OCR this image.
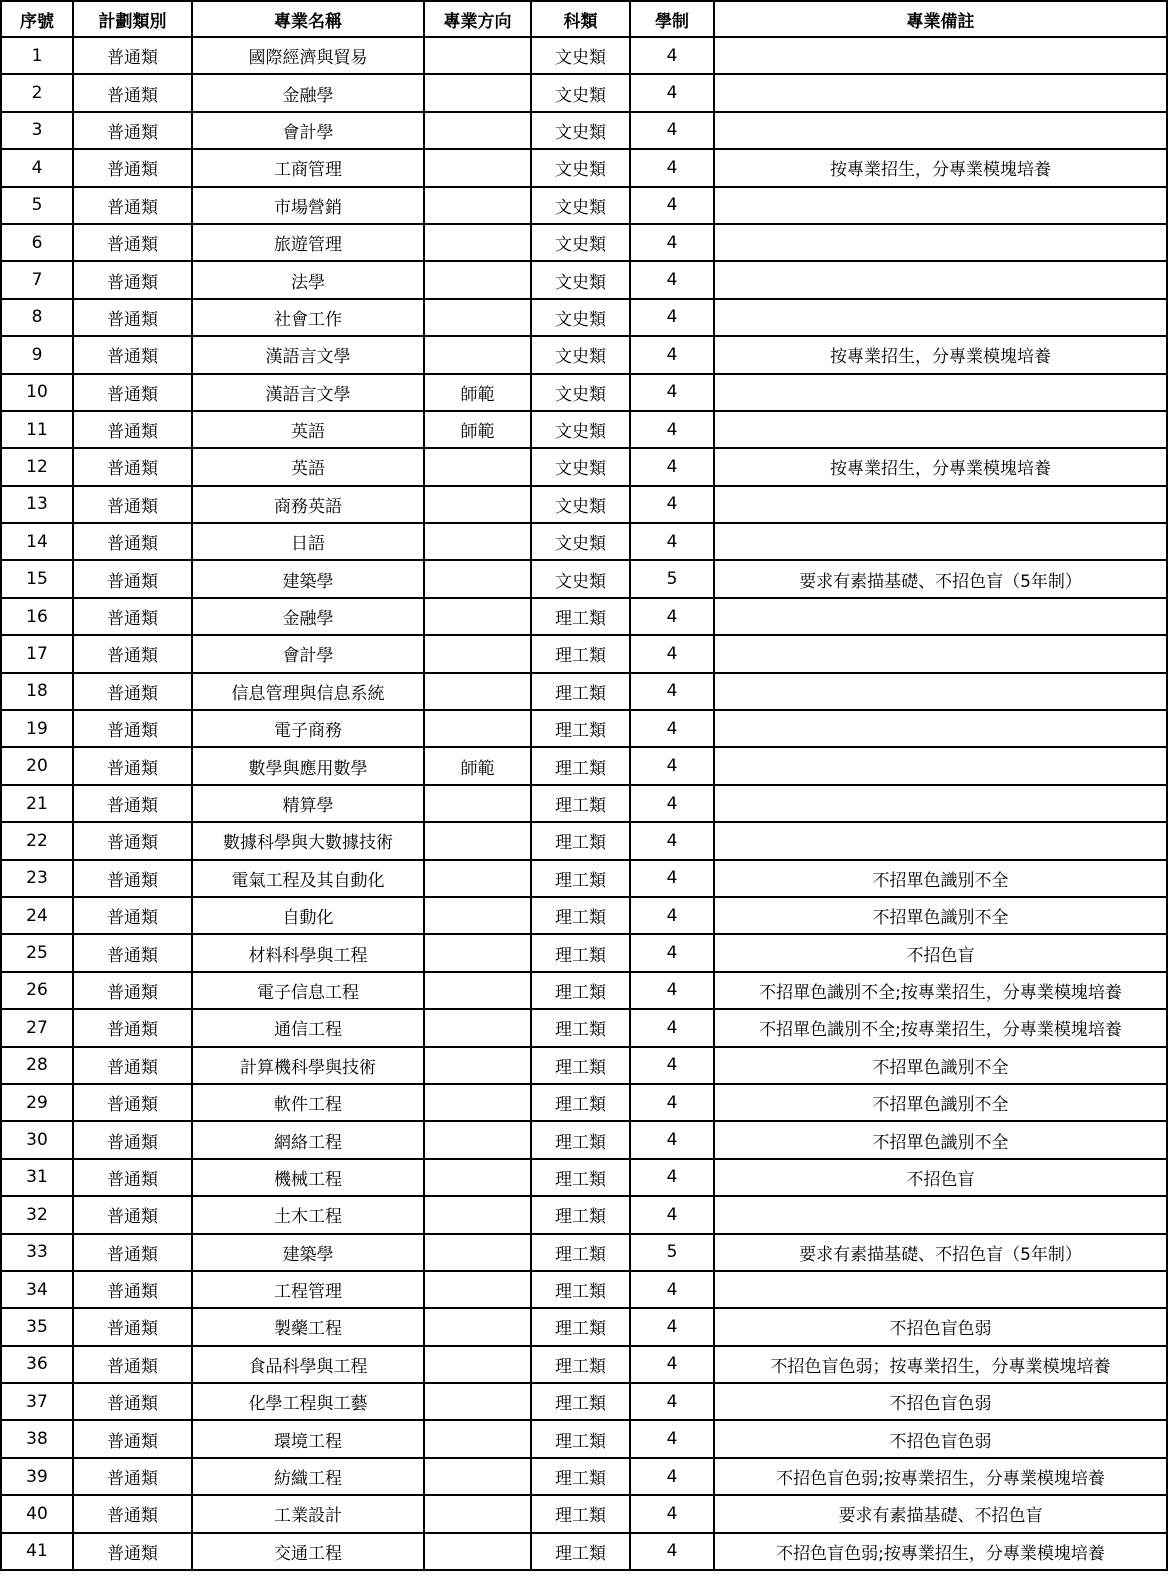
序號	計劃類別	專業名稱	專業方向	科類	學制	專業備註
1	普通類	國際經濟與貿易		文史類	4	
2	普通類	金融學		文史類	4	
3	普通類	會計學		文史類	4	
4	普通類	工商管理		文史類	4	按專業招生，分專業模塊培養
5	普通類	市場營銷		文史類	4	
6	普通類	旅遊管理		文史類	4	
7	普通類	法學		文史類	4	
8	普通類	社會工作		文史類	4	
9	普通類	漢語言文學		文史類	4	按專業招生，分專業模塊培養
10	普通類	漢語言文學	師範	文史類	4	
11	普通類	英語	師範	文史類	4	
12	普通類	英語		文史類	4	按專業招生，分專業模塊培養
13	普通類	商務英語		文史類	4	
14	普通類	日語		文史類	4	
15	普通類	建築學		文史類	5	要求有素描基礎、不招色盲（5年制）
16	普通類	金融學		理工類	4	
17	普通類	會計學		理工類	4	
18	普通類	信息管理與信息系統		理工類	4	
19	普通類	電子商務		理工類	4	
20	普通類	數學與應用數學	師範	理工類	4	
21	普通類	精算學		理工類	4	
22	普通類	數據科學與大數據技術		理工類	4	
23	普通類	電氣工程及其自動化		理工類	4	不招單色識別不全
24	普通類	自動化		理工類	4	不招單色識別不全
25	普通類	材料科學與工程		理工類	4	不招色盲
26	普通類	電子信息工程		理工類	4	不招單色識別不全;按專業招生，分專業模塊培養
27	普通類	通信工程		理工類	4	不招單色識別不全;按專業招生，分專業模塊培養
28	普通類	計算機科學與技術		理工類	4	不招單色識別不全
29	普通類	軟件工程		理工類	4	不招單色識別不全
30	普通類	網絡工程		理工類	4	不招單色識別不全
31	普通類	機械工程		理工類	4	不招色盲
32	普通類	土木工程		理工類	4	
33	普通類	建築學		理工類	5	要求有素描基礎、不招色盲（5年制）
34	普通類	工程管理		理工類	4	
35	普通類	製藥工程		理工類	4	不招色盲色弱
36	普通類	食品科學與工程		理工類	4	不招色盲色弱；按專業招生，分專業模塊培養
37	普通類	化學工程與工藝		理工類	4	不招色盲色弱
38	普通類	環境工程		理工類	4	不招色盲色弱
39	普通類	紡織工程		理工類	4	不招色盲色弱;按專業招生，分專業模塊培養
40	普通類	工業設計		理工類	4	要求有素描基礎、不招色盲
41	普通類	交通工程		理工類	4	不招色盲色弱;按專業招生，分專業模塊培養
